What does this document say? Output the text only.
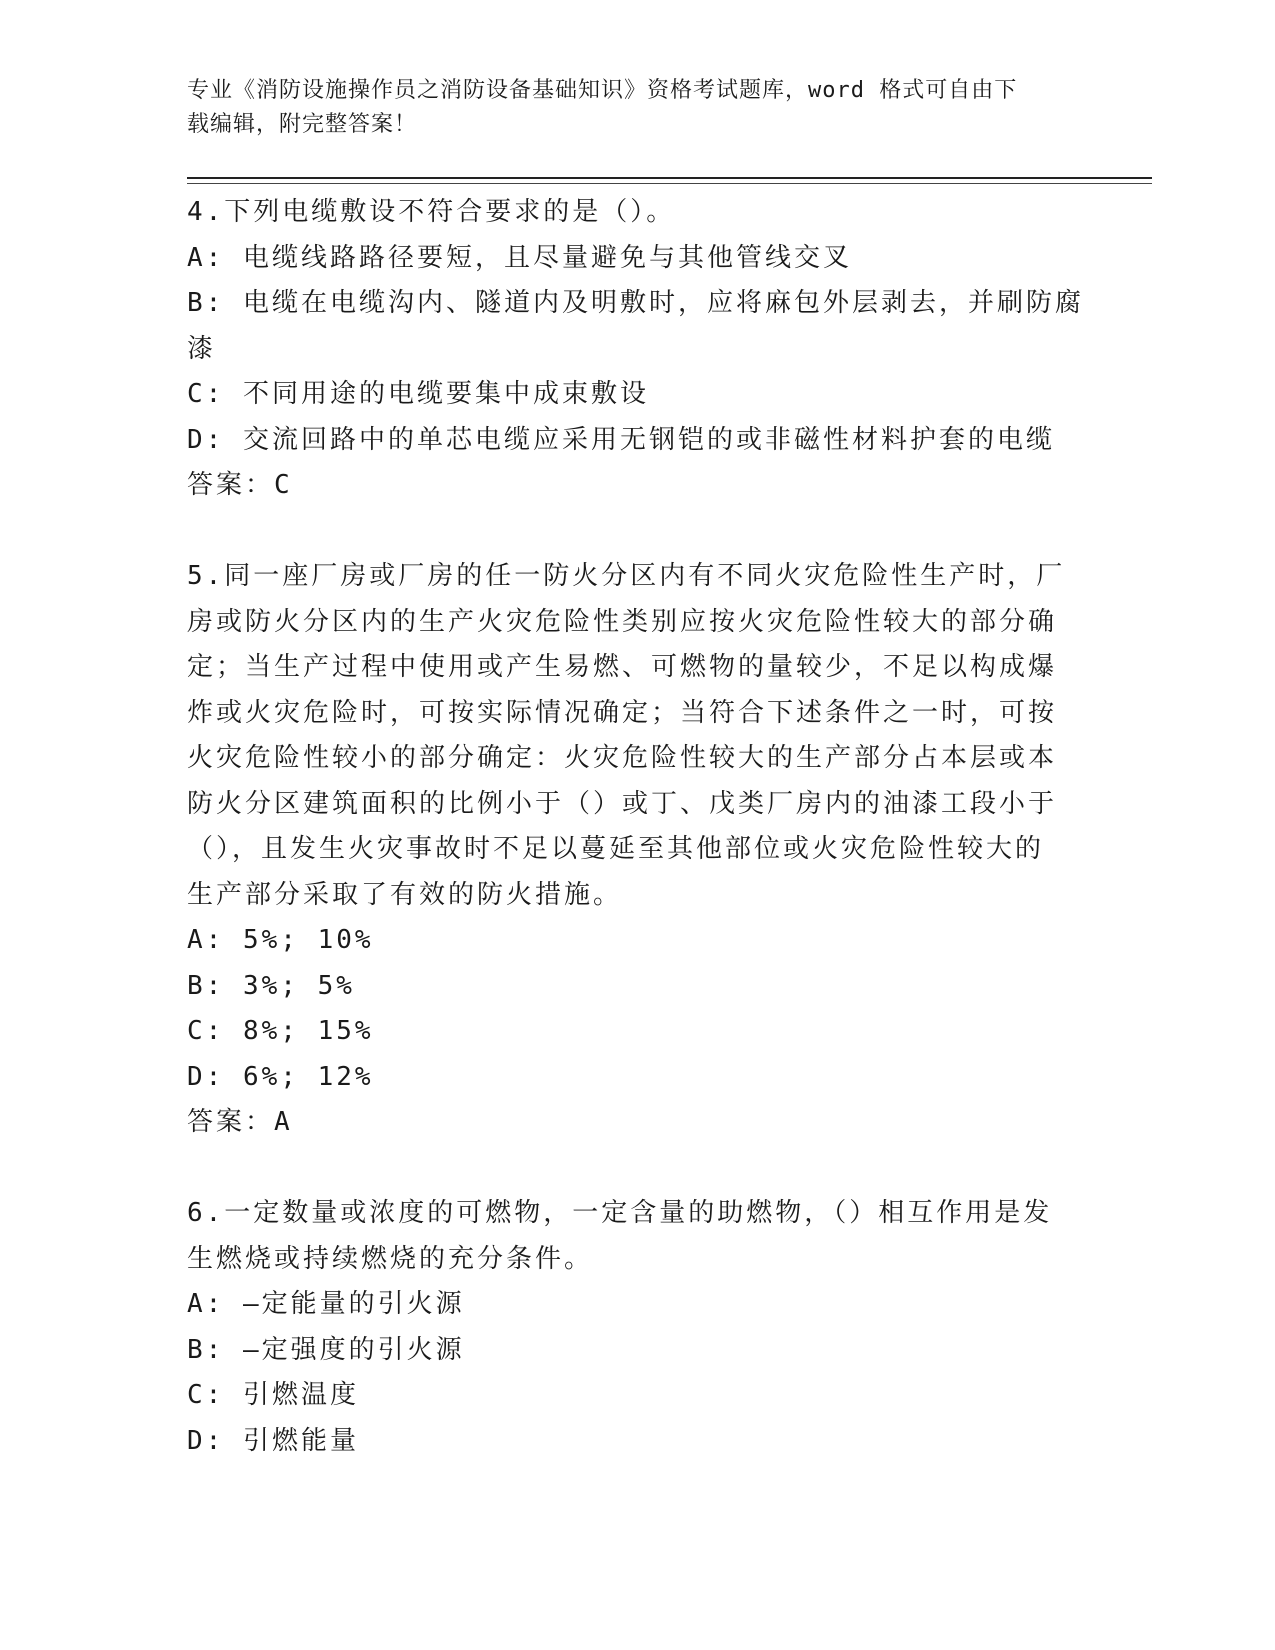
专业《消防设施操作员之消防设备基础知识》资格考试题库，word 格式可自由下
载编辑，附完整答案！
4.下列电缆敷设不符合要求的是（）。
A: 电缆线路路径要短，且尽量避免与其他管线交叉
B: 电缆在电缆沟内、隧道内及明敷时，应将麻包外层剥去，并刷防腐
漆
C: 不同用途的电缆要集中成束敷设
D: 交流回路中的单芯电缆应采用无钢铠的或非磁性材料护套的电缆
答案：C
5.同一座厂房或厂房的任一防火分区内有不同火灾危险性生产时，厂
房或防火分区内的生产火灾危险性类别应按火灾危险性较大的部分确
定；当生产过程中使用或产生易燃、可燃物的量较少，不足以构成爆
炸或火灾危险时，可按实际情况确定；当符合下述条件之一时，可按
火灾危险性较小的部分确定：火灾危险性较大的生产部分占本层或本
防火分区建筑面积的比例小于（）或丁、戊类厂房内的油漆工段小于
（），且发生火灾事故时不足以蔓延至其他部位或火灾危险性较大的
生产部分采取了有效的防火措施。
A: 5%; 10%
B: 3%; 5%
C: 8%; 15%
D: 6%; 12%
答案：A
6.一定数量或浓度的可燃物，一定含量的助燃物，（）相互作用是发
生燃烧或持续燃烧的充分条件。
A: —定能量的引火源
B: —定强度的引火源
C: 引燃温度
D: 引燃能量
